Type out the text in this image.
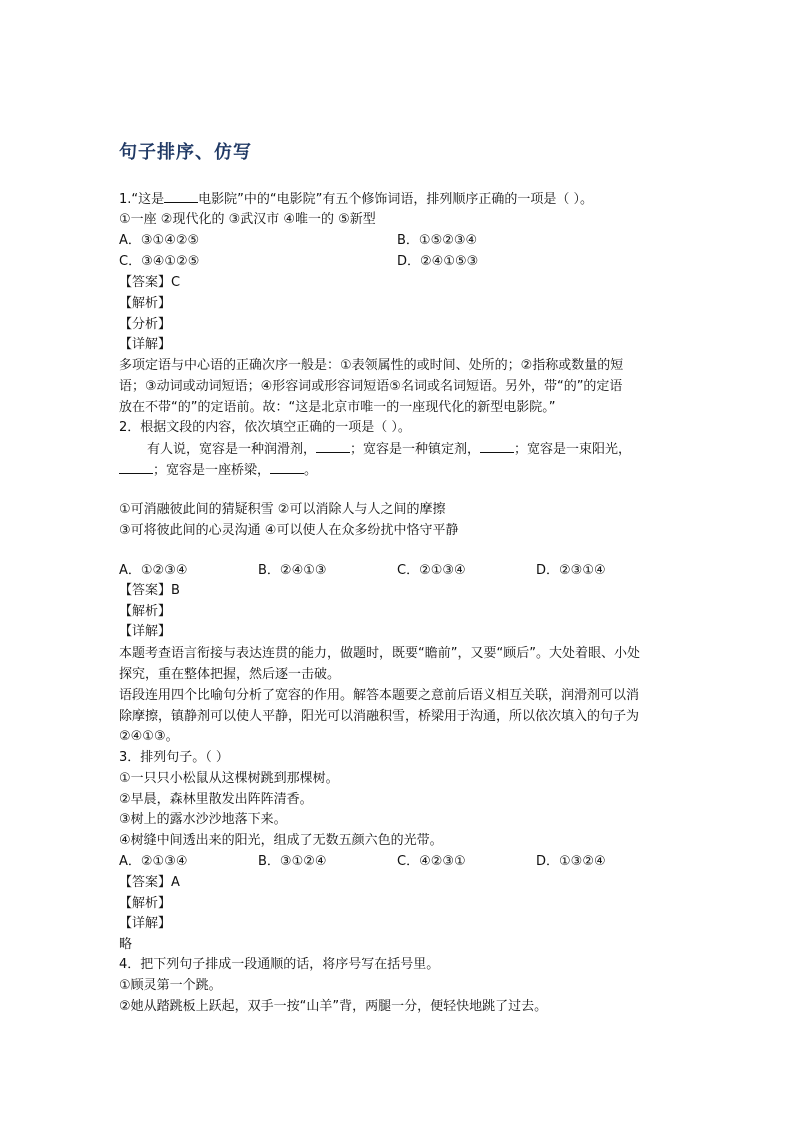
句子排序、仿写
1.“这是	电影院”中的“电影院”有五个修饰词语，排列顺序正确的一项是（ ）。
①一座 ②现代化的 ③武汉市 ④唯一的 ⑤新型
A．③①④②⑤	B．①⑤②③④
C．③④①②⑤	D．②④①⑤③
【答案】C
【解析】
【分析】
【详解】
多项定语与中心语的正确次序一般是：①表领属性的或时间、处所的；②指称或数量的短
语；③动词或动词短语；④形容词或形容词短语⑤名词或名词短语。另外，带“的”的定语
放在不带“的”的定语前。故：“这是北京市唯一的一座现代化的新型电影院。”
2．根据文段的内容，依次填空正确的一项是（ ）。
有人说，宽容是一种润滑剂，	；宽容是一种镇定剂，	；宽容是一束阳光，
；宽容是一座桥梁，	。
①可消融彼此间的猜疑积雪 ②可以消除人与人之间的摩擦
③可将彼此间的心灵沟通 ④可以使人在众多纷扰中恪守平静
A．①②③④	B．②④①③	C．②①③④	D．②③①④
【答案】B
【解析】
【详解】
本题考查语言衔接与表达连贯的能力，做题时，既要“瞻前”，又要“顾后”。大处着眼、小处
探究，重在整体把握，然后逐一击破。
语段连用四个比喻句分析了宽容的作用。解答本题要之意前后语义相互关联，润滑剂可以消
除摩擦，镇静剂可以使人平静，阳光可以消融积雪，桥梁用于沟通，所以依次填入的句子为
②④①③。
3．排列句子。（ ）
①一只只小松鼠从这棵树跳到那棵树。
②早晨，森林里散发出阵阵清香。
③树上的露水沙沙地落下来。
④树缝中间透出来的阳光，组成了无数五颜六色的光带。
A．②①③④	B．③①②④	C．④②③①	D．①③②④
【答案】A
【解析】
【详解】
略
4．把下列句子排成一段通顺的话，将序号写在括号里。
①顾灵第一个跳。
②她从踏跳板上跃起，双手一按“山羊”背，两腿一分，便轻快地跳了过去。
